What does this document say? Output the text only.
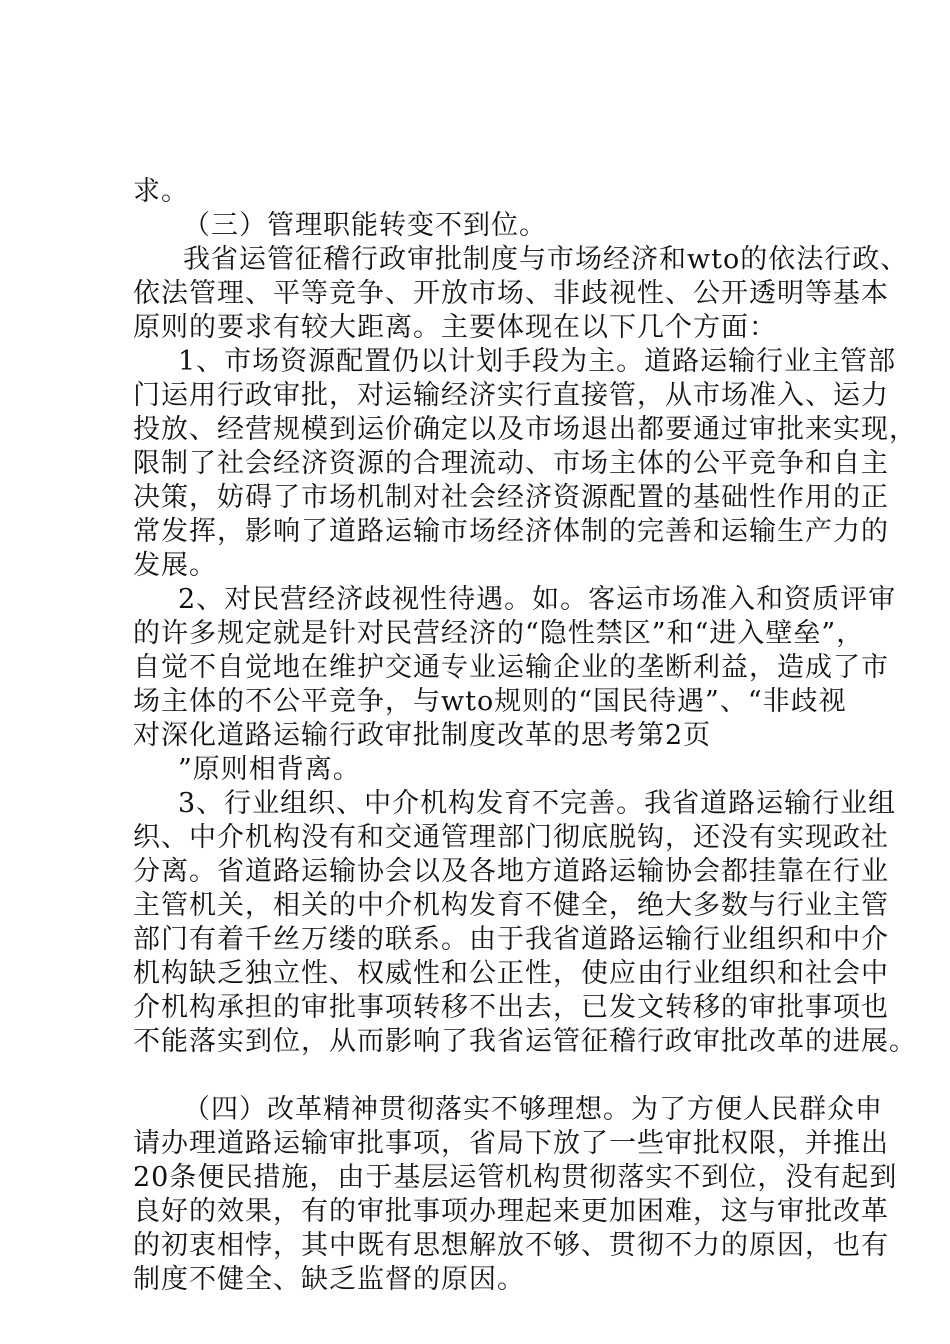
求。
（三）管理职能转变不到位。
我省运管征稽行政审批制度与市场经济和wto的依法行政、
依法管理、平等竞争、开放市场、非歧视性、公开透明等基本
原则的要求有较大距离。主要体现在以下几个方面：
1、市场资源配置仍以计划手段为主。道路运输行业主管部
门运用行政审批，对运输经济实行直接管，从市场准入、运力
投放、经营规模到运价确定以及市场退出都要通过审批来实现，
限制了社会经济资源的合理流动、市场主体的公平竞争和自主
决策，妨碍了市场机制对社会经济资源配置的基础性作用的正
常发挥，影响了道路运输市场经济体制的完善和运输生产力的
发展。
2、对民营经济歧视性待遇。如。客运市场准入和资质评审
的许多规定就是针对民营经济的“隐性禁区”和“进入壁垒”，
自觉不自觉地在维护交通专业运输企业的垄断利益，造成了市
场主体的不公平竞争，与wto规则的“国民待遇”、“非歧视
对深化道路运输行政审批制度改革的思考第2页
”原则相背离。
3、行业组织、中介机构发育不完善。我省道路运输行业组
织、中介机构没有和交通管理部门彻底脱钩，还没有实现政社
分离。省道路运输协会以及各地方道路运输协会都挂靠在行业
主管机关，相关的中介机构发育不健全，绝大多数与行业主管
部门有着千丝万缕的联系。由于我省道路运输行业组织和中介
机构缺乏独立性、权威性和公正性，使应由行业组织和社会中
介机构承担的审批事项转移不出去，已发文转移的审批事项也
不能落实到位，从而影响了我省运管征稽行政审批改革的进展。
（四）改革精神贯彻落实不够理想。为了方便人民群众申
请办理道路运输审批事项，省局下放了一些审批权限，并推出
20条便民措施，由于基层运管机构贯彻落实不到位，没有起到
良好的效果，有的审批事项办理起来更加困难，这与审批改革
的初衷相悖，其中既有思想解放不够、贯彻不力的原因，也有
制度不健全、缺乏监督的原因。
